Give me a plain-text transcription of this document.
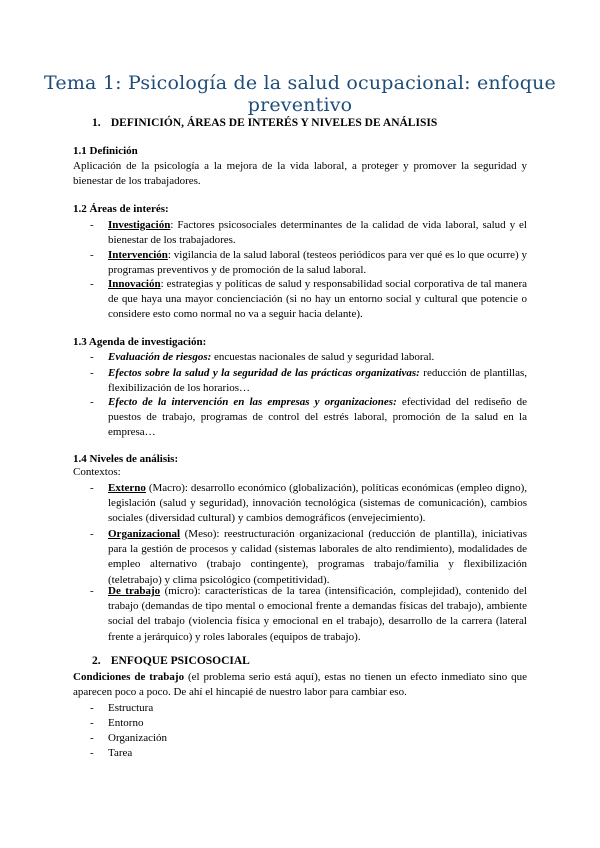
Tema 1: Psicología de la salud ocupacional: enfoque preventivo
1. DEFINICIÓN, ÁREAS DE INTERÉS Y NIVELES DE ANÁLISIS
1.1 Definición
Aplicación de la psicología a la mejora de la vida laboral, a proteger y promover la seguridad y bienestar de los trabajadores.
1.2 Áreas de interés:
-	Investigación: Factores psicosociales determinantes de la calidad de vida laboral, salud y el bienestar de los trabajadores.
-	Intervención: vigilancia de la salud laboral (testeos periódicos para ver qué es lo que ocurre) y programas preventivos y de promoción de la salud laboral.
-	Innovación: estrategias y políticas de salud y responsabilidad social corporativa de tal manera de que haya una mayor concienciación (si no hay un entorno social y cultural que potencie o considere esto como normal no va a seguir hacia delante).
1.3 Agenda de investigación:
-	Evaluación de riesgos: encuestas nacionales de salud y seguridad laboral.
-	Efectos sobre la salud y la seguridad de las prácticas organizativas: reducción de plantillas, flexibilización de los horarios…
-	Efecto de la intervención en las empresas y organizaciones: efectividad del rediseño de puestos de trabajo, programas de control del estrés laboral, promoción de la salud en la empresa…
1.4 Niveles de análisis:
Contextos:
-	Externo (Macro): desarrollo económico (globalización), políticas económicas (empleo digno), legislación (salud y seguridad), innovación tecnológica (sistemas de comunicación), cambios sociales (diversidad cultural) y cambios demográficos (envejecimiento).
-	Organizacional (Meso): reestructuración organizacional (reducción de plantilla), iniciativas para la gestión de procesos y calidad (sistemas laborales de alto rendimiento), modalidades de empleo alternativo (trabajo contingente), programas trabajo/familia y flexibilización (teletrabajo) y clima psicológico (competitividad).
-	De trabajo (micro): características de la tarea (intensificación, complejidad), contenido del trabajo (demandas de tipo mental o emocional frente a demandas físicas del trabajo), ambiente social del trabajo (violencia física y emocional en el trabajo), desarrollo de la carrera (lateral frente a jerárquico) y roles laborales (equipos de trabajo).
2. ENFOQUE PSICOSOCIAL
Condiciones de trabajo (el problema serio está aquí), estas no tienen un efecto inmediato sino que aparecen poco a poco. De ahí el hincapié de nuestro labor para cambiar eso.
-	Estructura
-	Entorno
-	Organización
-	Tarea
